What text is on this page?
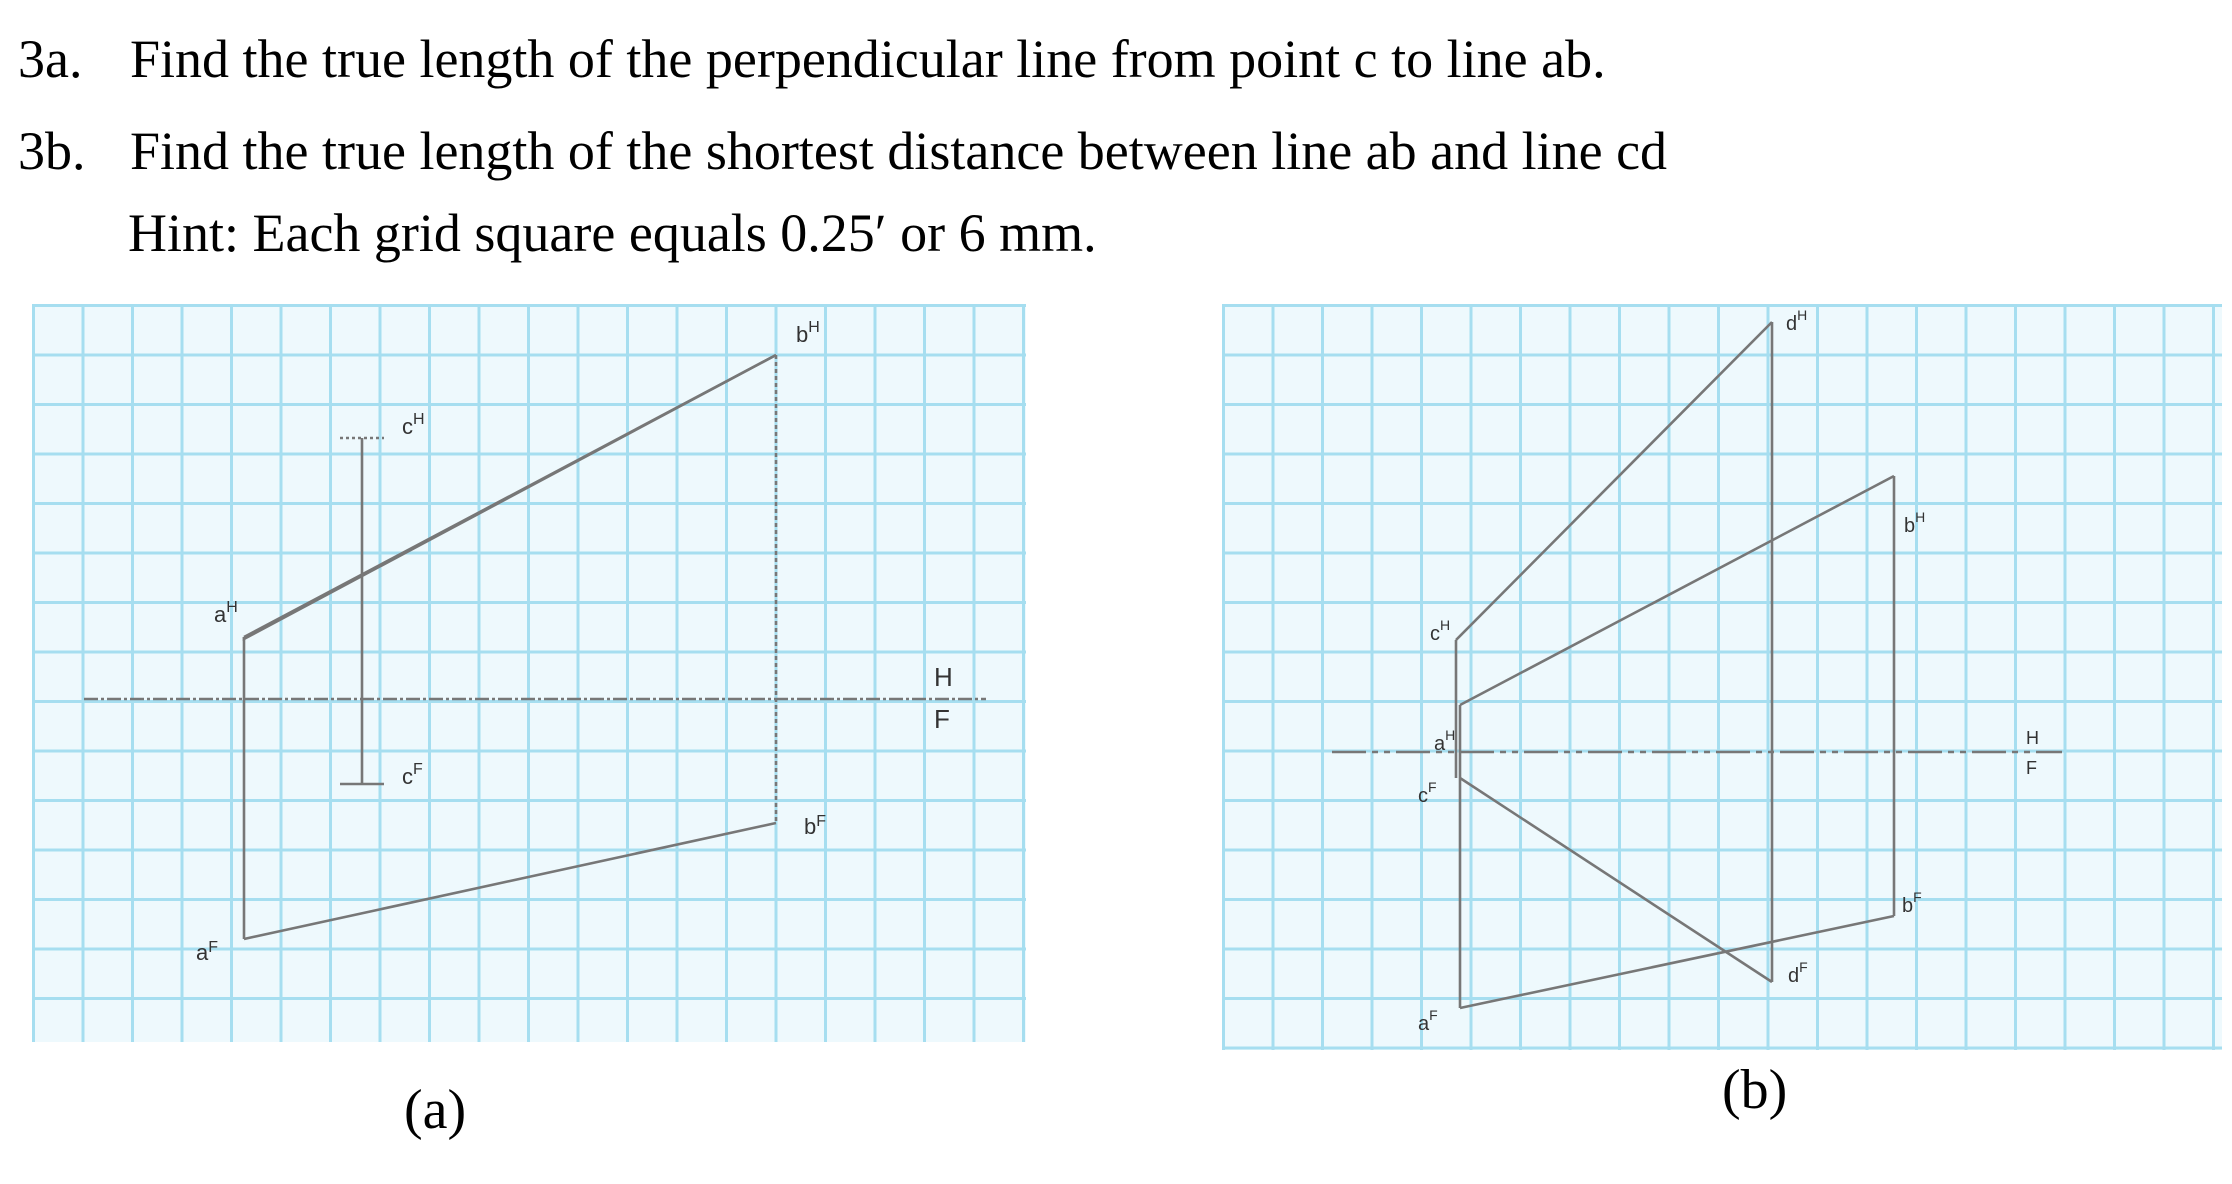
3a. Find the true length of the perpendicular line from point c to line ab.
3b. Find the true length of the shortest distance between line ab and line cd
Hint: Each grid square equals 0.25′ or 6 mm.
$a^H$
$b^H$
$c^H$
$a^F$
$b^F$
$c^F$
H
F
$d^H$
$b^H$
$c^H$
$a^H$
$c^F$
$a^F$
$b^F$
$d^F$
H
F
(a)	(b)
